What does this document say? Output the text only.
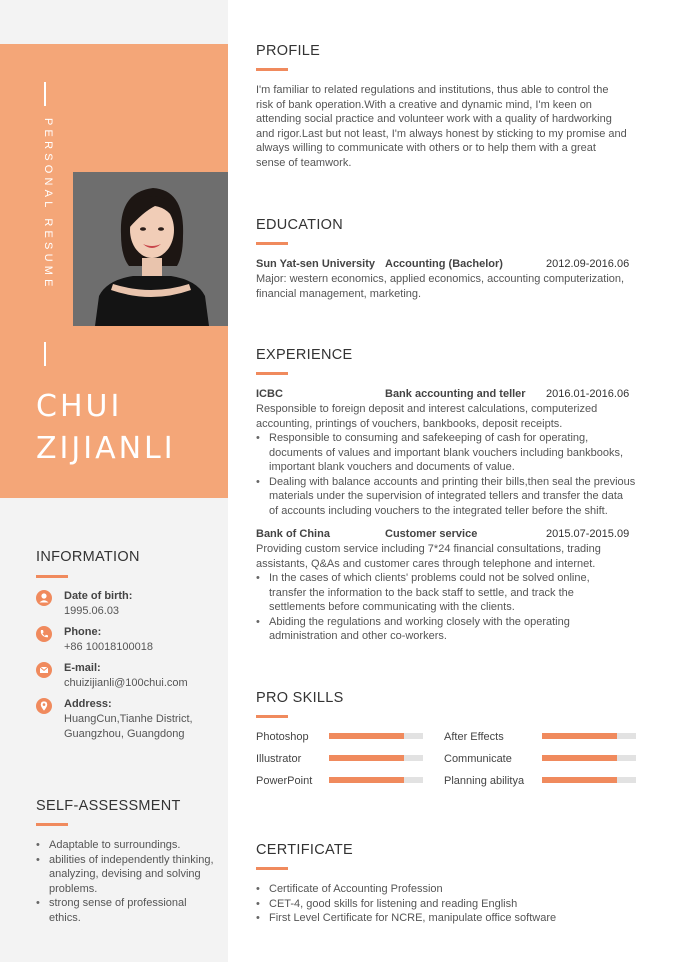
PERSONAL RESUME
CHUI
ZIJIANLI
INFORMATION
Date of birth:
1995.06.03
Phone:
+86 10018100018
E-mail:
chuizijianli@100chui.com
Address:
HuangCun,Tianhe District,
Guangzhou, Guangdong
SELF-ASSESSMENT
• Adaptable to surroundings.
• abilities of independently thinking,
analyzing, devising and solving
problems.
• strong sense of professional
ethics.
PROFILE
I'm familiar to related regulations and institutions, thus able to control the
risk of bank operation.With a creative and dynamic mind, I'm keen on
attending social practice and volunteer work with a quality of hardworking
and rigor.Last but not least, I'm always honest by sticking to my promise and
always willing to communicate with others or to help them with a great
sense of teamwork.
EDUCATION
Sun Yat-sen University Accounting (Bachelor)	2012.09-2016.06
Major: western economics, applied economics, accounting computerization,
financial management, marketing.
EXPERIENCE
ICBC	Bank accounting and teller 2016.01-2016.06
Responsible to foreign deposit and interest calculations, computerized
accounting, printings of vouchers, bankbooks, deposit receipts.
• Responsible to consuming and safekeeping of cash for operating,
documents of values and important blank vouchers including bankbooks,
important blank vouchers and documents of value.
• Dealing with balance accounts and printing their bills,then seal the previous
materials under the supervision of integrated tellers and transfer the data
of accounts including vouchers to the integrated teller before the shift.
Bank of China	Customer service	2015.07-2015.09
Providing custom service including 7*24 financial consultations, trading
assistants, Q&As and customer cares through telephone and internet.
• In the cases of which clients' problems could not be solved online,
transfer the information to the back staff to settle, and track the
settlements before communicating with the clients.
• Abiding the regulations and working closely with the operating
administration and other co-workers.
PRO SKILLS
Photoshop	After Effects
Illustrator	Communicate
PowerPoint	Planning abilitya
CERTIFICATE
• Certificate of Accounting Profession
• CET-4, good skills for listening and reading English
• First Level Certificate for NCRE, manipulate office software
